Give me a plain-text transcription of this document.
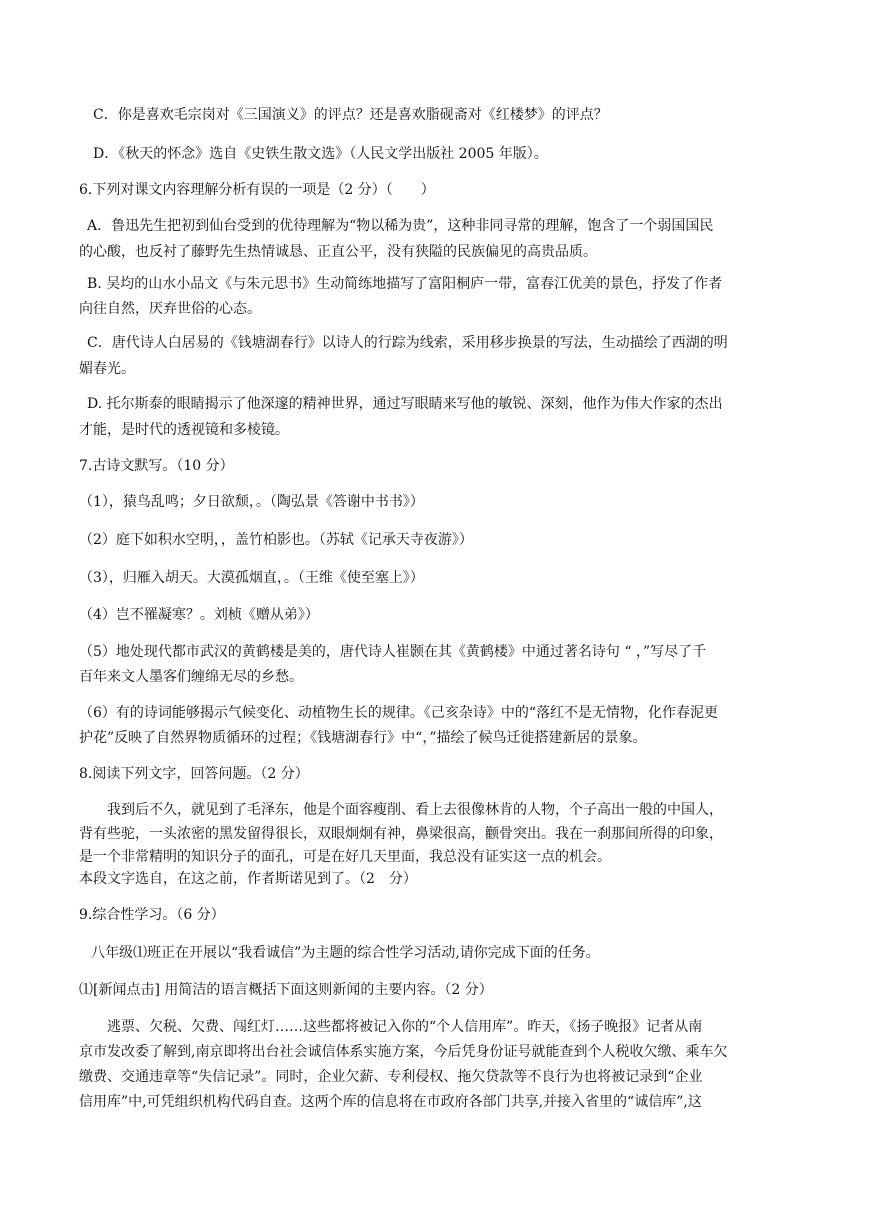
C．你是喜欢毛宗岗对《三国演义》的评点？还是喜欢脂砚斋对《红楼梦》的评点？
D．《秋天的怀念》选自《史铁生散文选》（人民文学出版社 2005 年版）。
6.下列对课文内容理解分析有误的一项是（2 分）（　　）
A．鲁迅先生把初到仙台受到的优待理解为“物以稀为贵”，这种非同寻常的理解，饱含了一个弱国国民
的心酸，也反衬了藤野先生热情诚恳、正直公平，没有狭隘的民族偏见的高贵品质。
B. 吴均的山水小品文《与朱元思书》生动简练地描写了富阳桐庐一带，富春江优美的景色，抒发了作者
向往自然，厌弃世俗的心态。
C．唐代诗人白居易的《钱塘湖春行》以诗人的行踪为线索，采用移步换景的写法，生动描绘了西湖的明
媚春光。
D. 托尔斯泰的眼睛揭示了他深邃的精神世界，通过写眼睛来写他的敏锐、深刻，他作为伟大作家的杰出
才能，是时代的透视镜和多棱镜。
7.古诗文默写。（10 分）
（1），猿鸟乱鸣；夕日欲颓，。（陶弘景《答谢中书书》）
（2）庭下如积水空明，，盖竹柏影也。（苏轼《记承天寺夜游》）
（3），归雁入胡天。大漠孤烟直，。（王维《使至塞上》）
（4）岂不罹凝寒？。刘桢《赠从弟》）
（5）地处现代都市武汉的黄鹤楼是美的，唐代诗人崔颢在其《黄鹤楼》中通过著名诗句 “ ，”写尽了千
百年来文人墨客们缠绵无尽的乡愁。
（6）有的诗词能够揭示气候变化、动植物生长的规律。《己亥杂诗》中的“落红不是无情物，化作春泥更
护花”反映了自然界物质循环的过程；《钱塘湖春行》中“，”描绘了候鸟迁徙搭建新居的景象。
8.阅读下列文字，回答问题。（2 分）
我到后不久，就见到了毛泽东，他是个面容瘦削、看上去很像林肯的人物，个子高出一般的中国人，
背有些驼，一头浓密的黑发留得很长，双眼炯炯有神，鼻梁很高，颧骨突出。我在一刹那间所得的印象，
是一个非常精明的知识分子的面孔，可是在好几天里面，我总没有证实这一点的机会。
本段文字选自，在这之前，作者斯诺见到了。（2　分）
9.综合性学习。（6 分）
八年级⑴班正在开展以“我看诚信”为主题的综合性学习活动,请你完成下面的任务。
⑴[新闻点击] 用简洁的语言概括下面这则新闻的主要内容。（2 分）
逃票、欠税、欠费、闯红灯……这些都将被记入你的“个人信用库”。昨天，《扬子晚报》记者从南
京市发改委了解到,南京即将出台社会诚信体系实施方案，今后凭身份证号就能查到个人税收欠缴、乘车欠
缴费、交通违章等“失信记录”。同时，企业欠薪、专利侵权、拖欠贷款等不良行为也将被记录到“企业
信用库”中,可凭组织机构代码自查。这两个库的信息将在市政府各部门共享,并接入省里的“诚信库”,这
